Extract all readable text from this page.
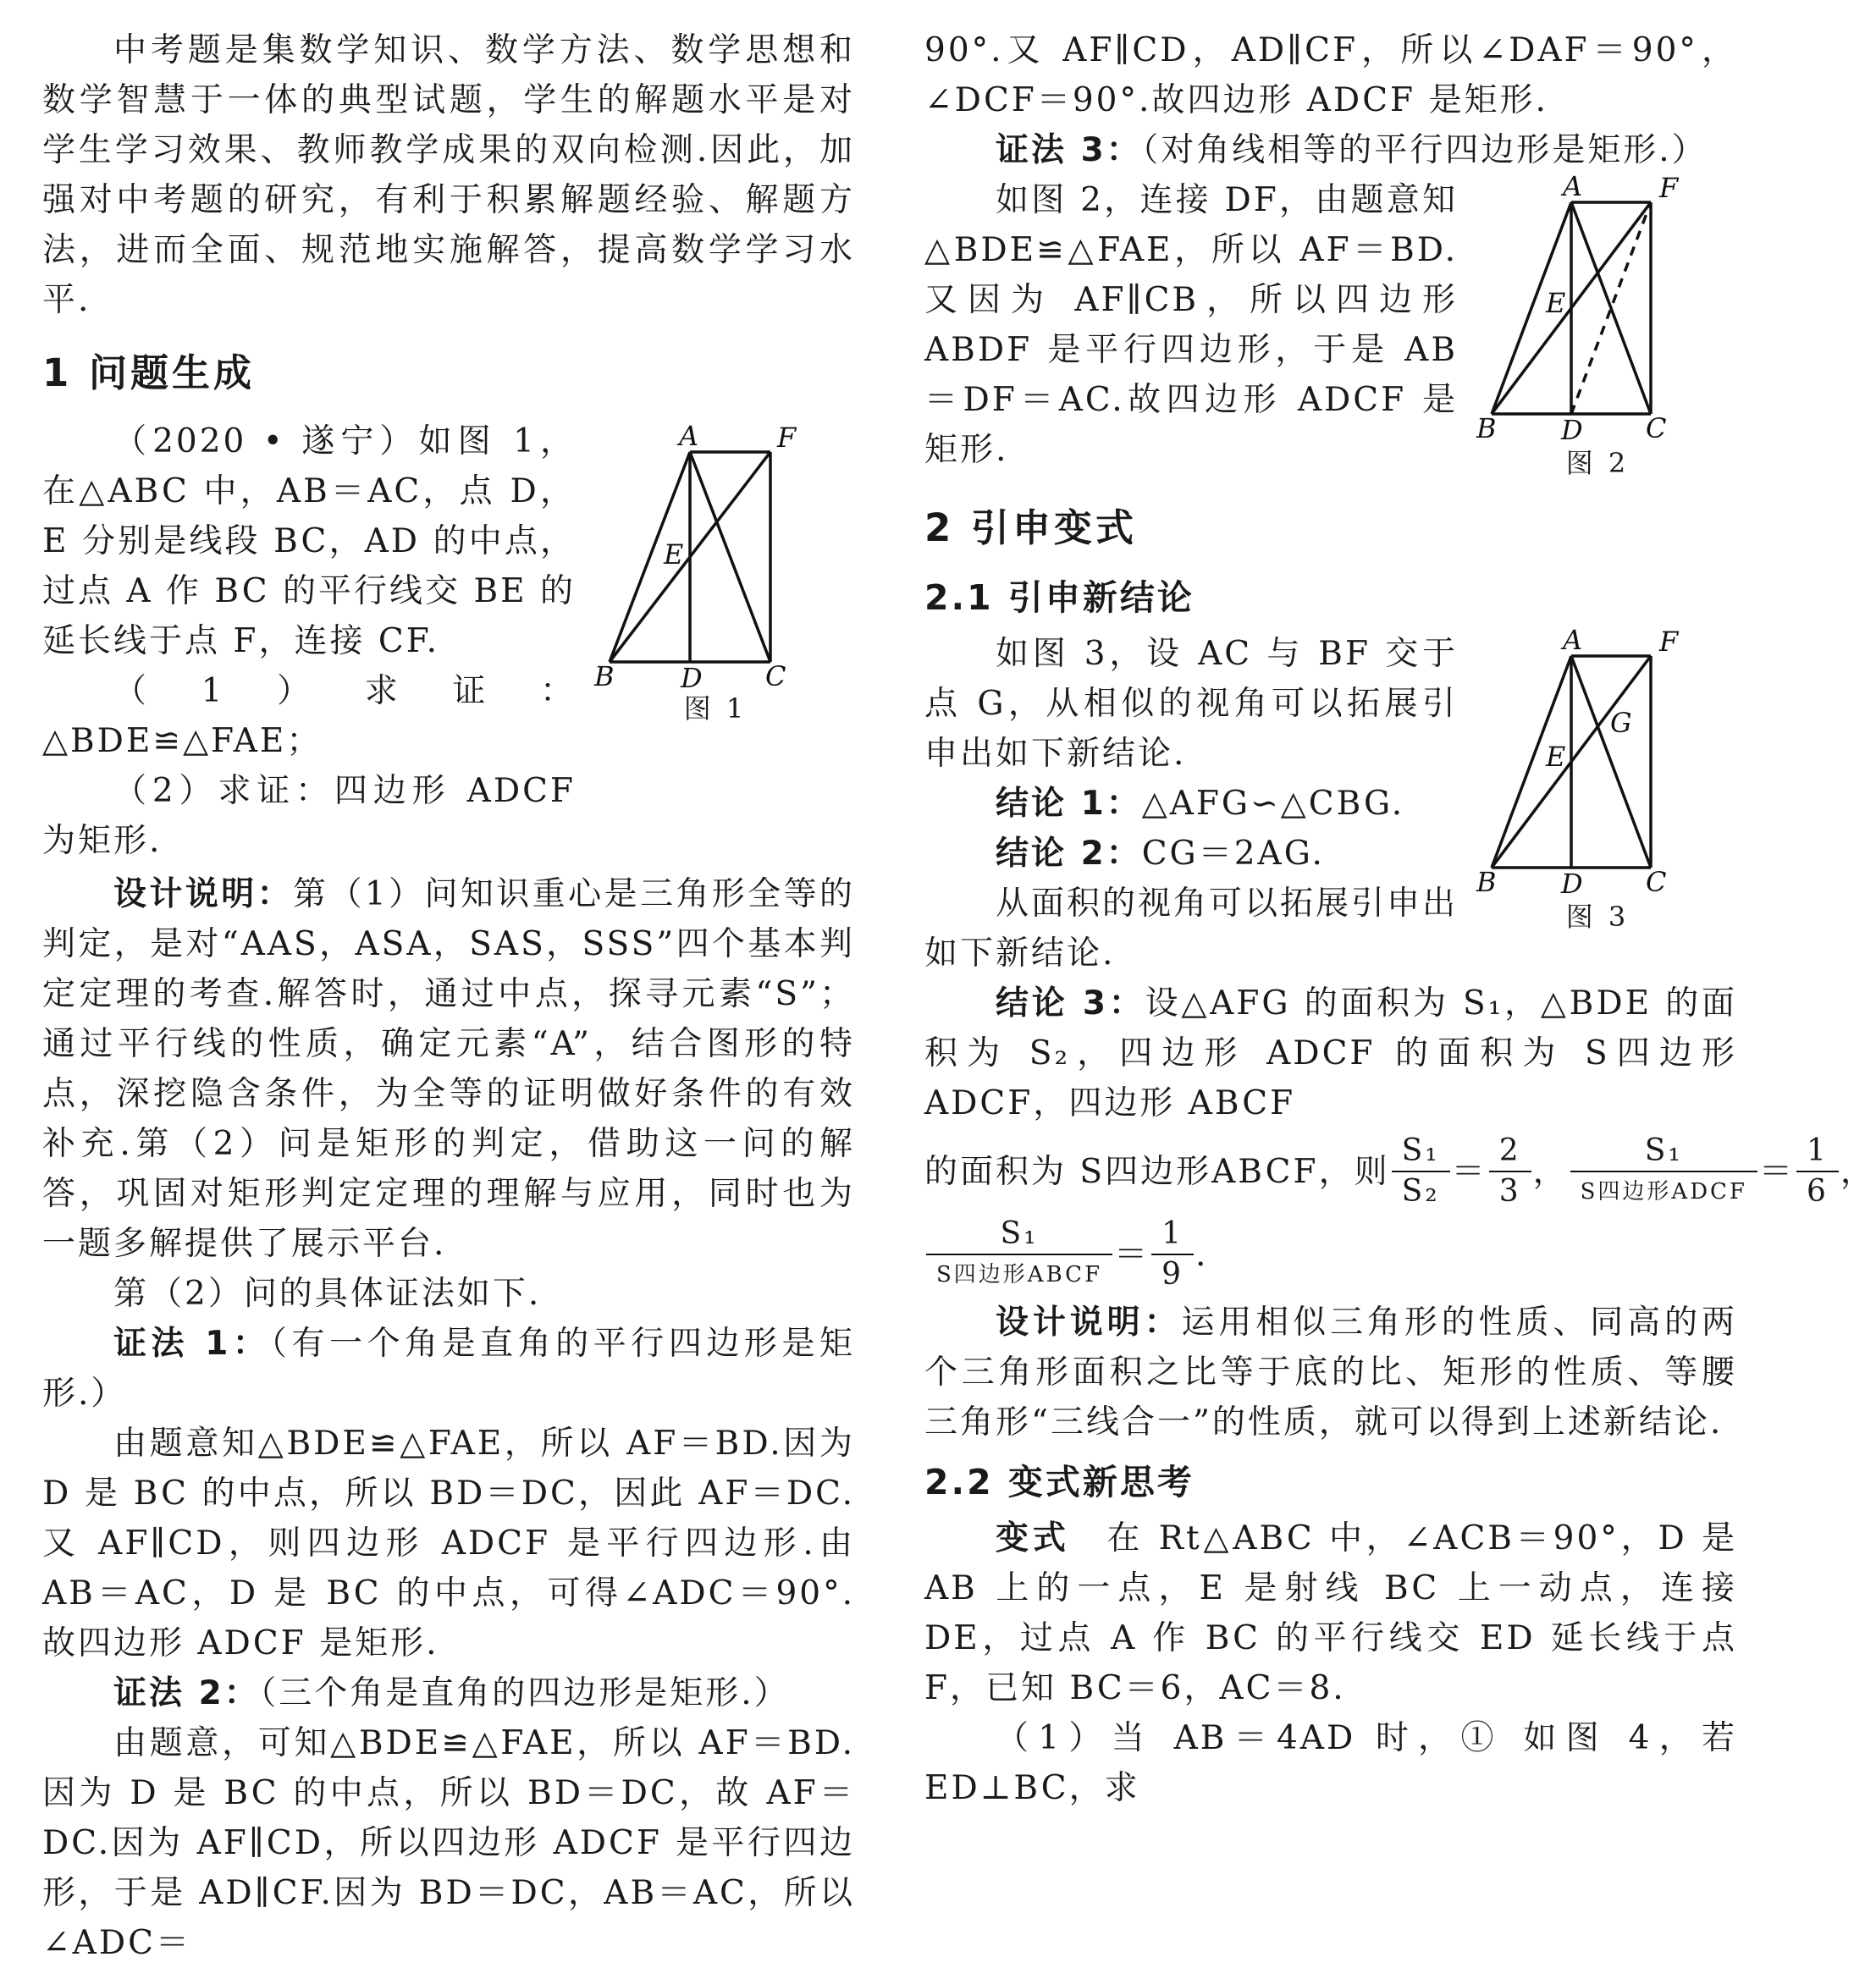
中考题是集数学知识、数学方法、数学思想和数学智慧于一体的典型试题，学生的解题水平是对学生学习效果、教师教学成果的双向检测.因此，加强对中考题的研究，有利于积累解题经验、解题方法，进而全面、规范地实施解答，提高数学学习水平.

1 问题生成

（2020 • 遂宁）如图 1，在△ABC 中，AB＝AC，点 D，E 分别是线段 BC，AD 的中点，过点 A 作 BC 的平行线交 BE 的延长线于点 F，连接 CF.

（1）求证：△BDE≌△FAE；

（2）求证：四边形 ADCF 为矩形.

A	F
E
B D C
图 1

设计说明：第（1）问知识重心是三角形全等的判定，是对“AAS，ASA，SAS，SSS”四个基本判定定理的考查.解答时，通过中点，探寻元素“S”；通过平行线的性质，确定元素“A”，结合图形的特点，深挖隐含条件，为全等的证明做好条件的有效补充.第（2）问是矩形的判定，借助这一问的解答，巩固对矩形判定定理的理解与应用，同时也为一题多解提供了展示平台.

第（2）问的具体证法如下.

证法 1：（有一个角是直角的平行四边形是矩形.）

由题意知△BDE≌△FAE，所以 AF＝BD.因为 D 是 BC 的中点，所以 BD＝DC，因此 AF＝DC.又 AF∥CD，则四边形 ADCF 是平行四边形.由 AB＝AC，D 是 BC 的中点，可得∠ADC＝90°.故四边形 ADCF 是矩形.

证法 2：（三个角是直角的四边形是矩形.）

由题意，可知△BDE≌△FAE，所以 AF＝BD.因为 D 是 BC 的中点，所以 BD＝DC，故 AF＝DC.因为 AF∥CD，所以四边形 ADCF 是平行四边形，于是 AD∥CF.因为 BD＝DC，AB＝AC，所以∠ADC＝

90°.又 AF∥CD，AD∥CF，所以∠DAF＝90°，∠DCF＝90°.故四边形 ADCF 是矩形.

证法 3：（对角线相等的平行四边形是矩形.）

如图 2，连接 DF，由题意知△BDE≌△FAE，所以 AF＝BD.又因为 AF∥CB，所以四边形 ABDF 是平行四边形，于是 AB＝DF＝AC.故四边形 ADCF 是矩形.

A	F
E
B D C
图 2
2 引申变式
2.1 引申新结论

如图 3，设 AC 与 BF 交于点 G，从相似的视角可以拓展引申出如下新结论.

结论 1：△AFG∽△CBG.

结论 2：CG＝2AG.

从面积的视角可以拓展引申出如下新结论.

A	F
E
G
B D C
图 3

结论 3：设△AFG 的面积为 S₁，△BDE 的面积为 S₂，四边形 ADCF 的面积为 S四边形ADCF，四边形 ABCF

的面积为 S四边形ABCF，则 $\frac{\text{S₁}}{\text{S₂}} = \frac{2}{3}$ ， $\frac{\text{S₁}}{\text{S四边形ADCF}} = \frac{1}{6}$ ，
$\frac{\text{S₁}}{\text{S四边形ABCF}} = \frac{1}{9}$ .

设计说明：运用相似三角形的性质、同高的两个三角形面积之比等于底的比、矩形的性质、等腰三角形“三线合一”的性质，就可以得到上述新结论.

2.2 变式新思考

变式　 在 Rt△ABC 中，∠ACB＝90°，D 是 AB 上的一点，E 是射线 BC 上一动点，连接 DE，过点 A 作 BC 的平行线交 ED 延长线于点 F，已知 BC＝6，AC＝8.

（1）当 AB＝4AD 时，① 如图 4，若 ED⊥BC，求
